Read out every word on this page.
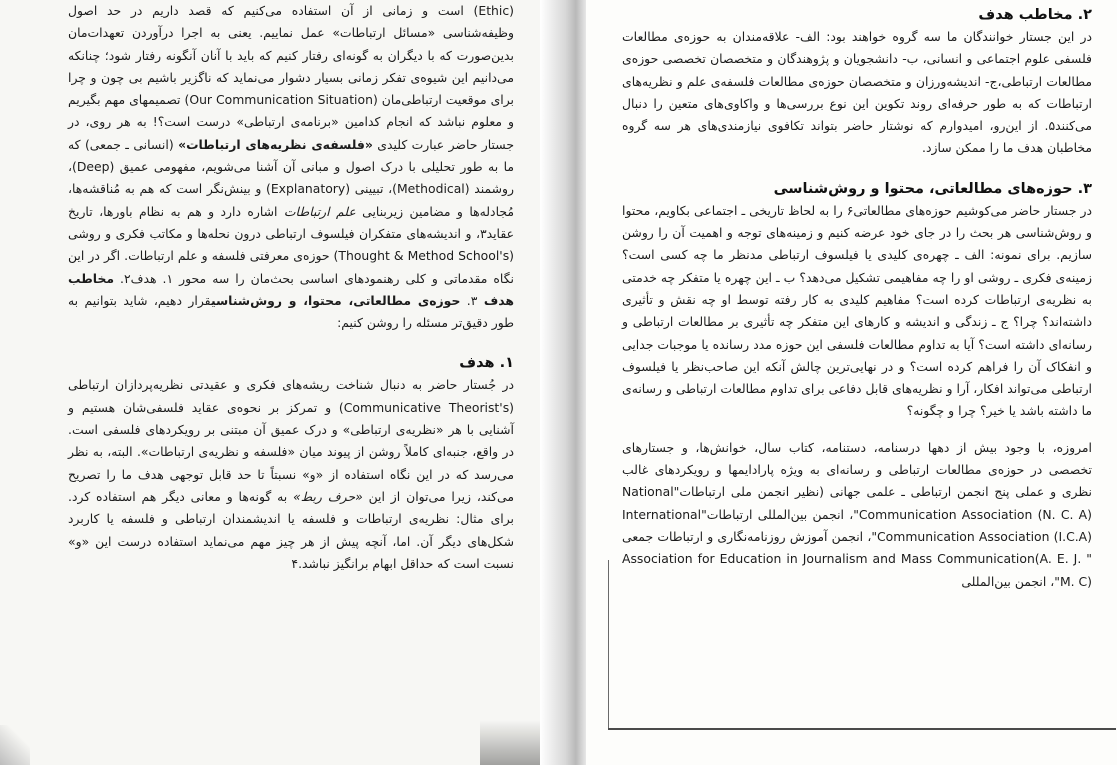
(Ethic) است و زمانی از آن استفاده می‌کنیم که قصد داریم در حد اصول وظیفه‌شناسی «مسائل ارتباطات» عمل نماییم. یعنی به اجرا درآوردن تعهدات‌مان بدین‌صورت که با دیگران به گونه‌ای رفتار کنیم که باید با آنان آنگونه رفتار شود؛ چنانکه می‌دانیم این شیوه‌ی تفکر زمانی بسیار دشوار می‌نماید که ناگزیر باشیم بی چون و چرا برای موقعیت ارتباطی‌مان (Our Communication Situation) تصمیمهای مهم بگیریم و معلوم نباشد که انجام کدامین «برنامه‌ی ارتباطی» درست است؟! به هر روی، در جستار حاضر عبارت کلیدی «فلسفه‌ی نظریه‌های ارتباطات» (انسانی ـ جمعی) که ما به طور تحلیلی با درک اصول و مبانی آن آشنا می‌شویم، مفهومی عمیق (Deep)، روشمند (Methodical)، تبیینی (Explanatory) و بینش‌نگر است که هم به مُناقشه‌ها، مُجادله‌ها و مضامین زیربنایی علم ارتباطات اشاره دارد و هم به نظام باورها، تاریخ عقاید۳، و اندیشه‌های متفکران فیلسوف ارتباطی درون نحله‌ها و مکاتب فکری و روشی (Thought & Method School's) حوزه‌ی معرفتی فلسفه و علم ارتباطات. اگر در این نگاه مقدماتی و کلی رهنمودهای اساسی بحث‌مان را سه محور ۱. هدف۲. مخاطب هدف ۳. حوزه‌ی مطالعاتی، محتوا، و روش‌شناسیقرار دهیم، شاید بتوانیم به طور دقیق‌تر مسئله را روشن کنیم:

۱. هدف

در جُستار حاضر به دنبال شناخت ریشه‌های فکری و عقیدتی نظریه‌پردازان ارتباطی (Communicative Theorist's) و تمرکز بر نحوه‌ی عقاید فلسفی‌شان هستیم و آشنایی با هر «نظریه‌ی ارتباطی» و درک عمیق آن مبتنی بر رویکردهای فلسفی است. در واقع، جنبه‌ای کاملاً روشن از پیوند میان «فلسفه و نظریه‌ی ارتباطات». البته، به نظر می‌رسد که در این نگاه استفاده از «و» نسبتاً تا حد قابل توجهی هدف ما را تصریح می‌کند، زیرا می‌توان از این «حرف ربط» به گونه‌ها و معانی دیگر هم استفاده کرد. برای مثال: نظریه‌ی ارتباطات و فلسفه یا اندیشمندان ارتباطی و فلسفه یا کاربرد شکل‌های دیگر آن. اما، آنچه پیش از هر چیز مهم می‌نماید استفاده درست این «و» نسبت است که حداقل ابهام برانگیز نباشد.۴

۲. مخاطب هدف

در این جستار خوانندگان ما سه گروه خواهند بود: الف- علاقه‌مندان به حوزه‌ی مطالعات فلسفی علوم اجتماعی و انسانی، ب- دانشجویان و پژوهندگان و متخصصان تخصصی حوزه‌ی مطالعات ارتباطی،ج- اندیشه‌ورزان و متخصصان حوزه‌ی مطالعات فلسفه‌ی علم و نظریه‌های ارتباطات که به طور حرفه‌ای روند تکوین این نوع بررسی‌ها و واکاوی‌های متعین را دنبال می‌کنند۵. از این‌رو، امیدوارم که نوشتار حاضر بتواند تکافوی نیازمندی‌های هر سه گروه مخاطبان هدف ما را ممکن سازد.

۳. حوزه‌های مطالعاتی، محتوا و روش‌شناسی

در جستار حاضر می‌کوشیم حوزه‌های مطالعاتی۶ را به لحاظ تاریخی ـ اجتماعی بکاویم، محتوا و روش‌شناسی هر بحث را در جای خود عرضه کنیم و زمینه‌های توجه و اهمیت آن را روشن سازیم. برای نمونه: الف ـ چهره‌ی کلیدی یا فیلسوف ارتباطی مدنظر ما چه کسی است؟ زمینه‌ی فکری ـ روشی او را چه مفاهیمی تشکیل می‌دهد؟ ب ـ این چهره یا متفکر چه خدمتی به نظریه‌ی ارتباطات کرده است؟ مفاهیم کلیدی به کار رفته توسط او چه نقش و تأثیری داشته‌اند؟ چرا؟ ج ـ زندگی و اندیشه و کارهای این متفکر چه تأثیری بر مطالعات ارتباطی و رسانه‌ای داشته است؟ آیا به تداوم مطالعات فلسفی این حوزه مدد رسانده یا موجبات جدایی و انفکاک آن را فراهم کرده است؟ و در نهایی‌ترین چالش آنکه این صاحب‌نظر یا فیلسوف ارتباطی می‌تواند افکار، آرا و نظریه‌های قابل دفاعی برای تداوم مطالعات ارتباطی و رسانه‌ی ما داشته باشد یا خیر؟ چرا و چگونه؟

امروزه، با وجود بیش از دهها درسنامه، دستنامه، کتاب سال، خوانش‌ها، و جستارهای تخصصی در حوزه‌ی مطالعات ارتباطی و رسانه‌ای به ویژه پارادایمها و رویکردهای غالب نظری و عملی پنج انجمن ارتباطی ـ علمی جهانی (نظیر انجمن ملی ارتباطات"National Communication Association (N. C. A)"، انجمن بین‌المللی ارتباطات"International Communication Association (I.C.A)"، انجمن آموزش روزنامه‌نگاری و ارتباطات جمعی " Association for Education in Journalism and Mass Communication(A. E. J. M. C)"، انجمن بین‌المللی
